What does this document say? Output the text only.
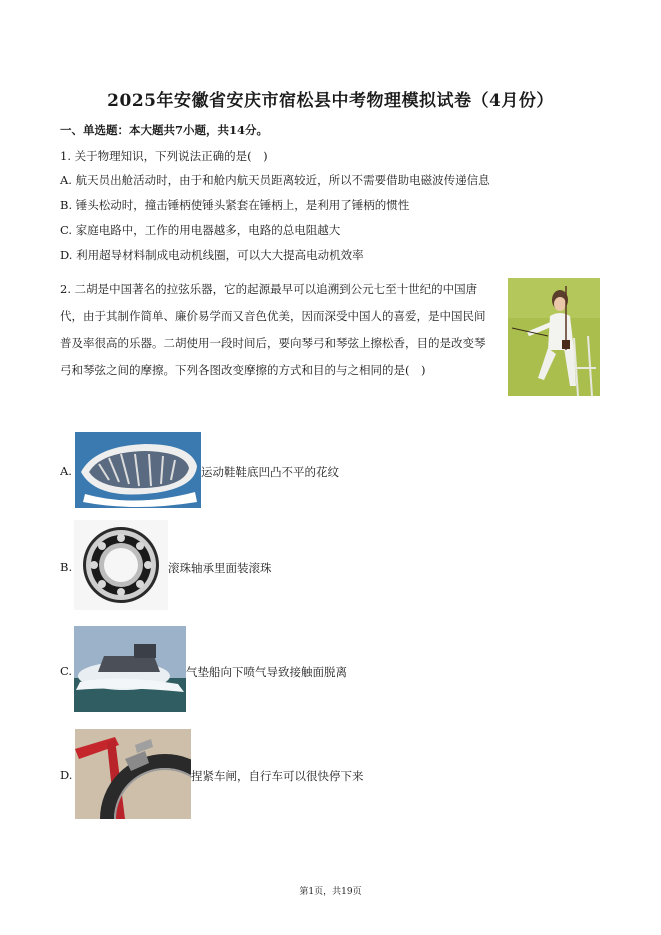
2025年安徽省安庆市宿松县中考物理模拟试卷（4月份）
一、单选题：本大题共7小题，共14分。
1. 关于物理知识，下列说法正确的是(　)
A. 航天员出舱活动时，由于和舱内航天员距离较近，所以不需要借助电磁波传递信息
B. 锤头松动时，撞击锤柄使锤头紧套在锤柄上，是利用了锤柄的惯性
C. 家庭电路中，工作的用电器越多，电路的总电阻越大
D. 利用超导材料制成电动机线圈，可以大大提高电动机效率
2. 二胡是中国著名的拉弦乐器，它的起源最早可以追溯到公元七至十世纪的中国唐代，由于其制作简单、廉价易学而又音色优美，因而深受中国人的喜爱，是中国民间普及率很高的乐器。二胡使用一段时间后，要向琴弓和琴弦上擦松香，目的是改变琴弓和琴弦之间的摩擦。下列各图改变摩擦的方式和目的与之相同的是(　)
A.	运动鞋鞋底凹凸不平的花纹
B.	滚珠轴承里面装滚珠
C.	气垫船向下喷气导致接触面脱离
D.	捏紧车闸，自行车可以很快停下来
第1页，共19页
